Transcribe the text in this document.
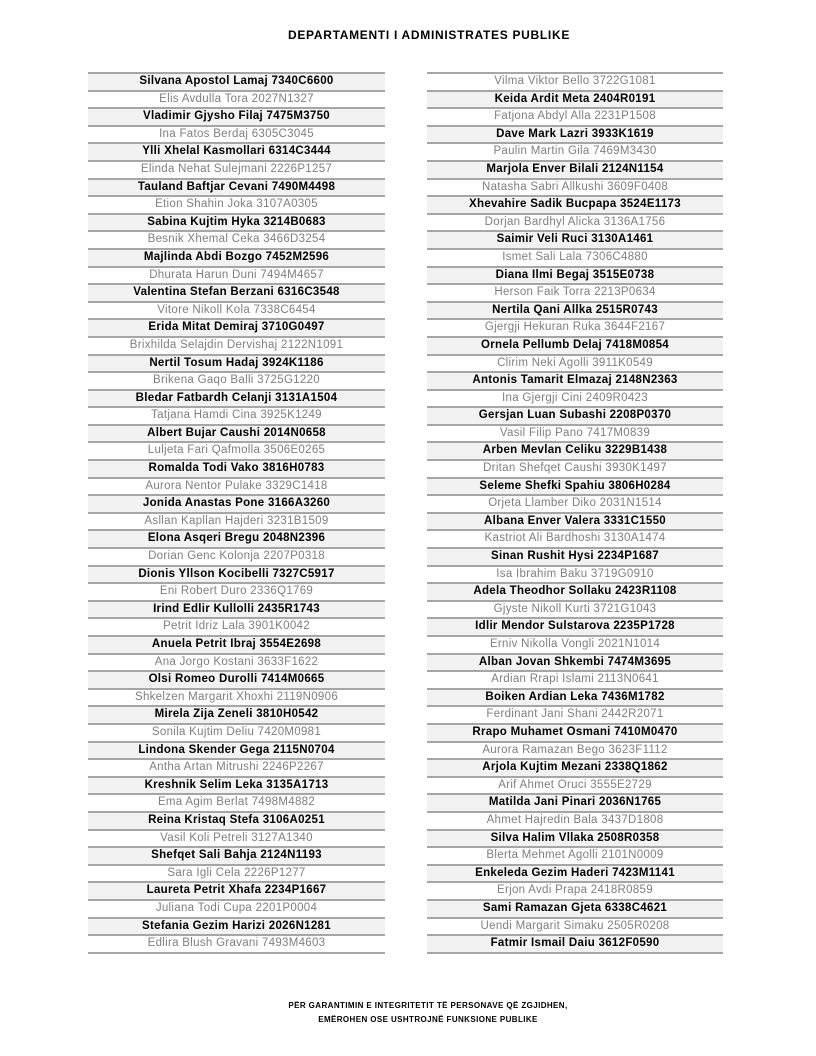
DEPARTAMENTI I ADMINISTRATES PUBLIKE
Silvana Apostol Lamaj 7340C6600
Elis Avdulla Tora 2027N1327
Vladimir Gjysho Filaj 7475M3750
Ina Fatos Berdaj 6305C3045
Ylli Xhelal Kasmollari 6314C3444
Elinda Nehat Sulejmani 2226P1257
Tauland Baftjar Cevani 7490M4498
Etion Shahin Joka 3107A0305
Sabina Kujtim Hyka 3214B0683
Besnik Xhemal Ceka 3466D3254
Majlinda Abdi Bozgo 7452M2596
Dhurata Harun Duni 7494M4657
Valentina Stefan Berzani 6316C3548
Vitore Nikoll Kola 7338C6454
Erida Mitat Demiraj 3710G0497
Brixhilda Selajdin Dervishaj 2122N1091
Nertil Tosum Hadaj 3924K1186
Brikena Gaqo Balli 3725G1220
Bledar Fatbardh Celanji 3131A1504
Tatjana Hamdi Cina 3925K1249
Albert Bujar Caushi 2014N0658
Luljeta Fari Qafmolla 3506E0265
Romalda Todi Vako 3816H0783
Aurora Nentor Pulake 3329C1418
Jonida Anastas Pone 3166A3260
Asllan Kapllan Hajderi 3231B1509
Elona Asqeri Bregu 2048N2396
Dorian Genc Kolonja 2207P0318
Dionis Yllson Kocibelli 7327C5917
Eni Robert Duro 2336Q1769
Irind Edlir Kullolli 2435R1743
Petrit Idriz Lala 3901K0042
Anuela Petrit Ibraj 3554E2698
Ana Jorgo Kostani 3633F1622
Olsi Romeo Durolli 7414M0665
Shkelzen Margarit Xhoxhi 2119N0906
Mirela Zija Zeneli 3810H0542
Sonila Kujtim Deliu 7420M0981
Lindona Skender Gega 2115N0704
Antha Artan Mitrushi 2246P2267
Kreshnik Selim Leka 3135A1713
Ema Agim Berlat 7498M4882
Reina Kristaq Stefa 3106A0251
Vasil Koli Petreli 3127A1340
Shefqet Sali Bahja 2124N1193
Sara Igli Cela 2226P1277
Laureta Petrit Xhafa 2234P1667
Juliana Todi Cupa 2201P0004
Stefania Gezim Harizi 2026N1281
Edlira Blush Gravani 7493M4603
Vilma Viktor Bello 3722G1081
Keida Ardit Meta 2404R0191
Fatjona Abdyl Alla 2231P1508
Dave Mark Lazri 3933K1619
Paulin Martin Gila 7469M3430
Marjola Enver Bilali 2124N1154
Natasha Sabri Allkushi 3609F0408
Xhevahire Sadik Bucpapa 3524E1173
Dorjan Bardhyl Alicka 3136A1756
Saimir Veli Ruci 3130A1461
Ismet Sali Lala 7306C4880
Diana Ilmi Begaj 3515E0738
Herson Faik Torra 2213P0634
Nertila Qani Allka 2515R0743
Gjergji Hekuran Ruka 3644F2167
Ornela Pellumb Delaj 7418M0854
Clirim Neki Agolli 3911K0549
Antonis Tamarit Elmazaj 2148N2363
Ina Gjergji Cini 2409R0423
Gersjan Luan Subashi 2208P0370
Vasil Filip Pano 7417M0839
Arben Mevlan Celiku 3229B1438
Dritan Shefqet Caushi 3930K1497
Seleme Shefki Spahiu 3806H0284
Orjeta Llamber Diko 2031N1514
Albana Enver Valera 3331C1550
Kastriot Ali Bardhoshi 3130A1474
Sinan Rushit Hysi 2234P1687
Isa Ibrahim Baku 3719G0910
Adela Theodhor Sollaku 2423R1108
Gjyste Nikoll Kurti 3721G1043
Idlir Mendor Sulstarova 2235P1728
Erniv Nikolla Vongli 2021N1014
Alban Jovan Shkembi 7474M3695
Ardian Rrapi Islami 2113N0641
Boiken Ardian Leka 7436M1782
Ferdinant Jani Shani 2442R2071
Rrapo Muhamet Osmani 7410M0470
Aurora Ramazan Bego 3623F1112
Arjola Kujtim Mezani 2338Q1862
Arif Ahmet Oruci 3555E2729
Matilda Jani Pinari 2036N1765
Ahmet Hajredin Bala 3437D1808
Silva Halim Vllaka 2508R0358
Blerta Mehmet Agolli 2101N0009
Enkeleda Gezim Haderi 7423M1141
Erjon Avdi Prapa 2418R0859
Sami Ramazan Gjeta 6338C4621
Uendi Margarit Simaku 2505R0208
Fatmir Ismail Daiu 3612F0590
PËR GARANTIMIN E INTEGRITETIT TË PERSONAVE QË ZGJIDHEN,
EMËROHEN OSE USHTROJNË FUNKSIONE PUBLIKE
